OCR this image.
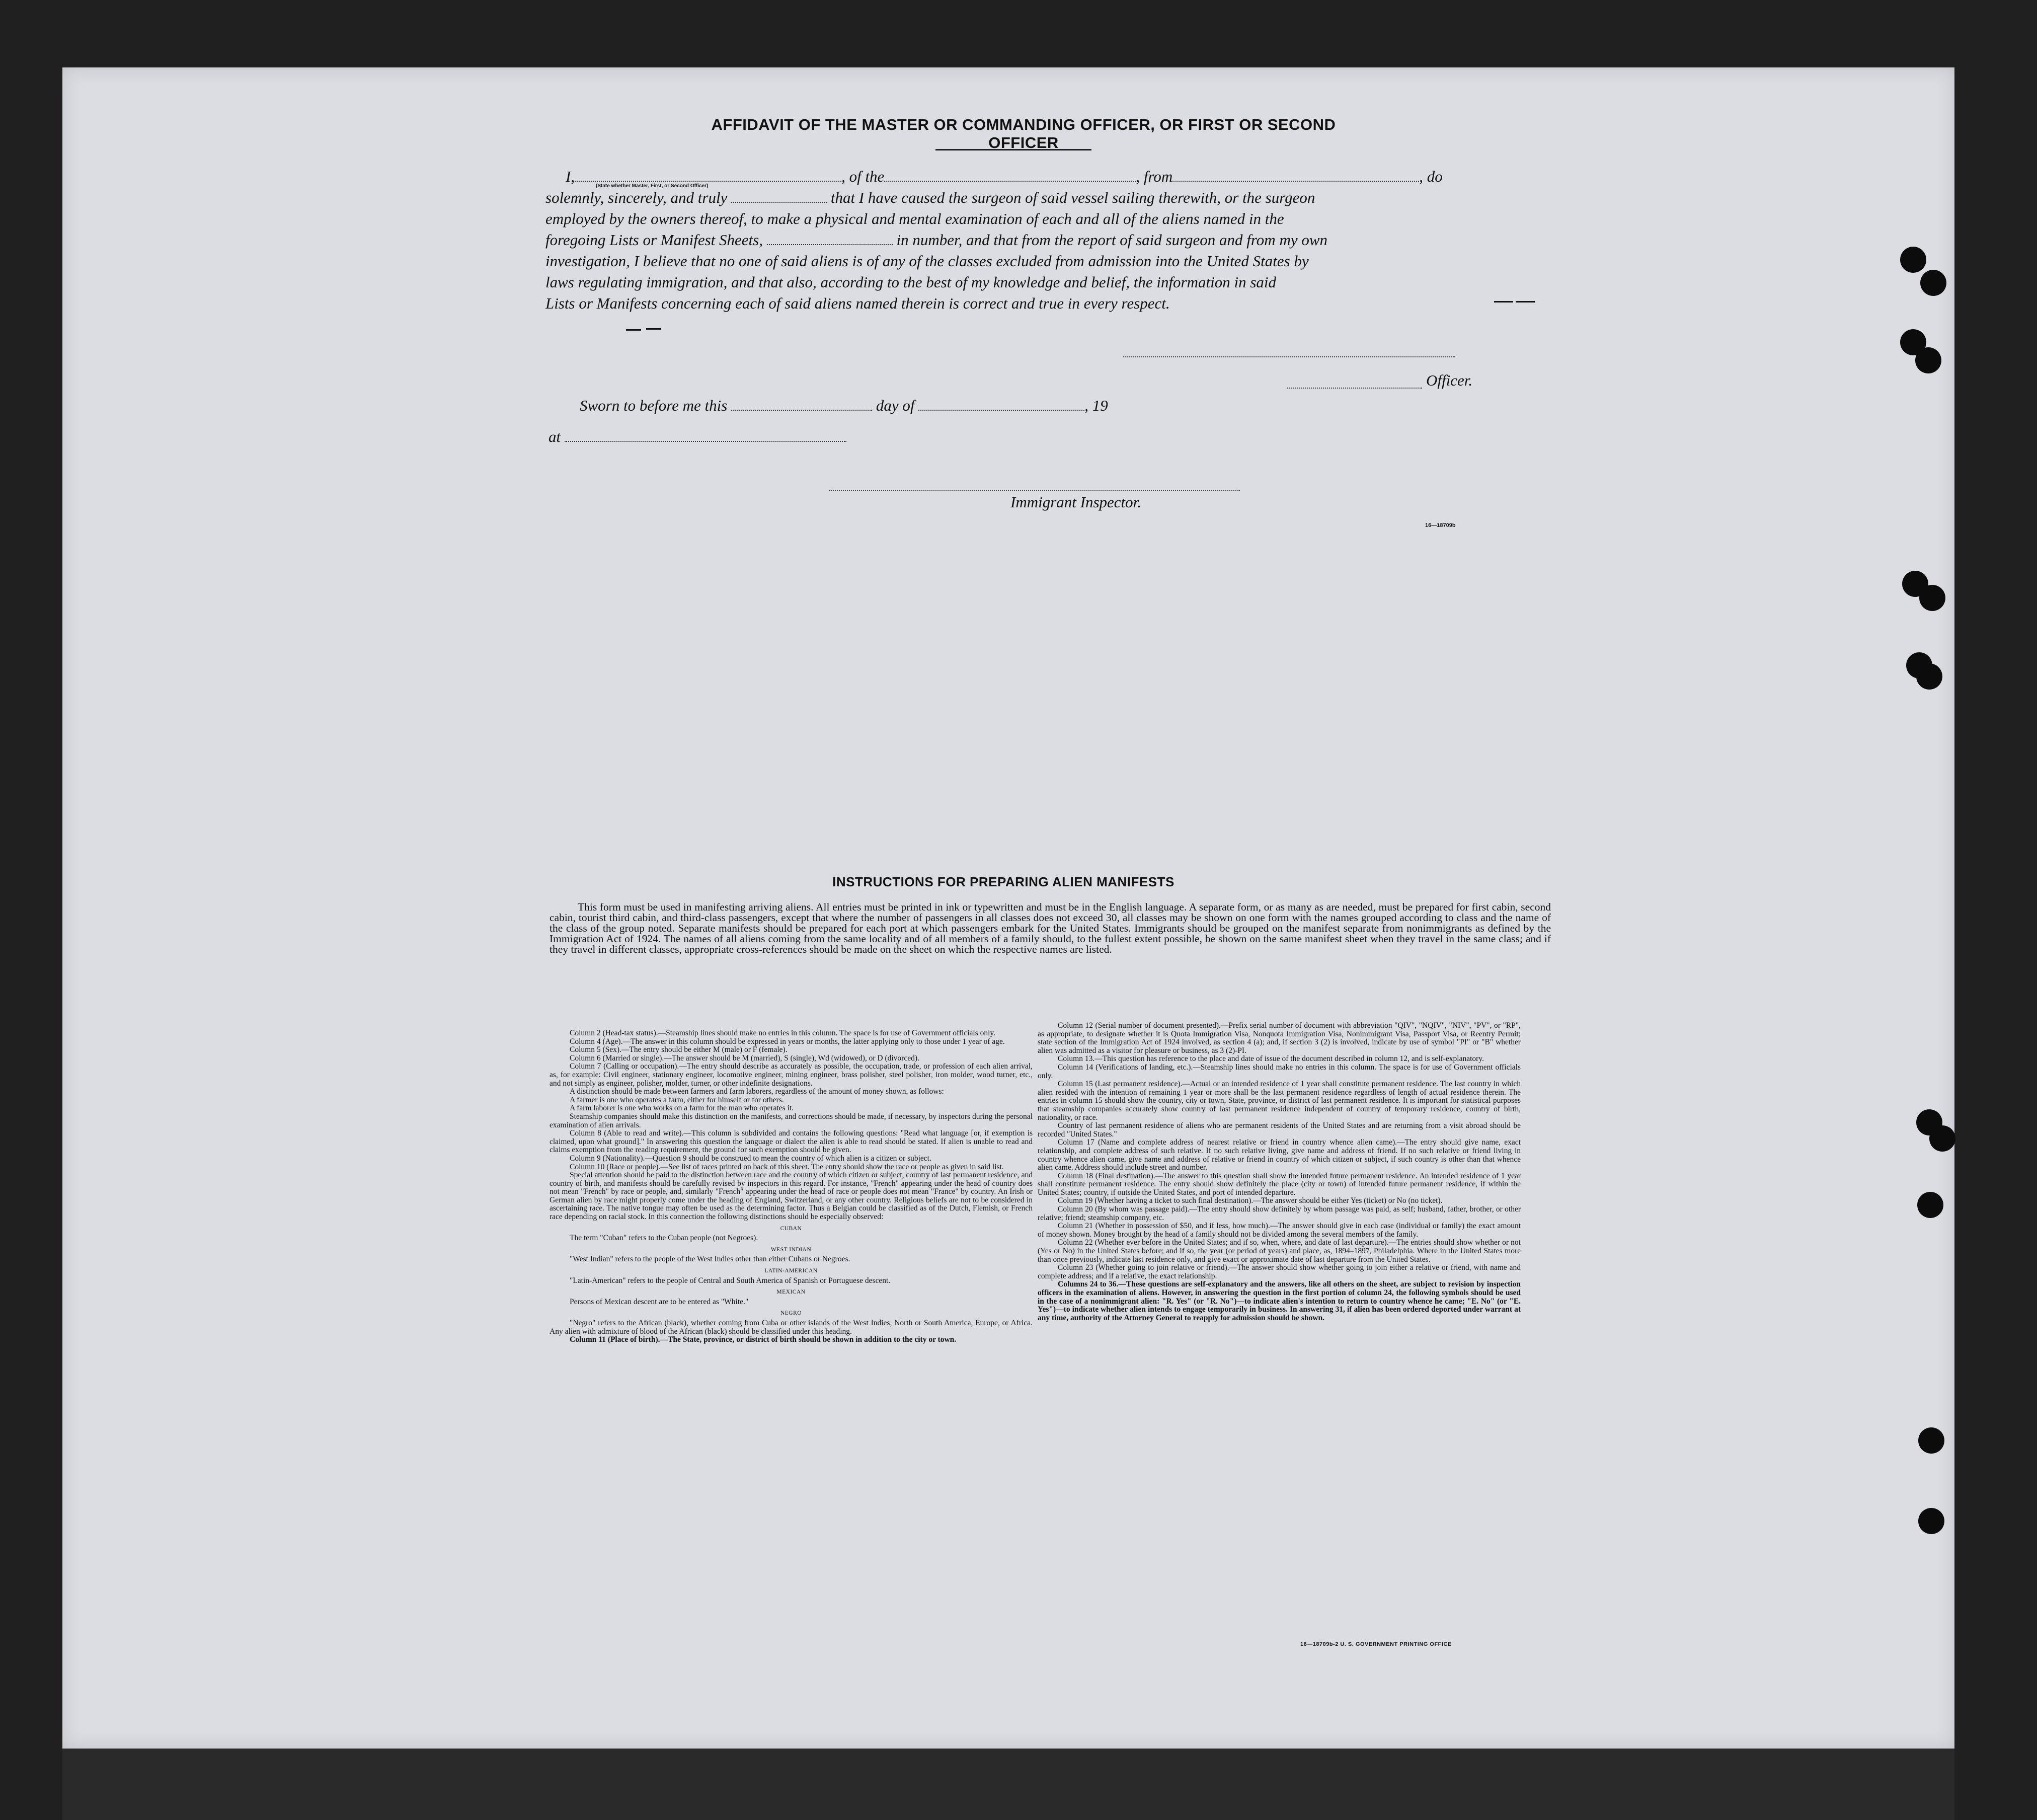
AFFIDAVIT OF THE MASTER OR COMMANDING OFFICER, OR FIRST OR SECOND OFFICER

I,	, of the	, from	, do

solemnly, sincerely, and truly	that I have caused the surgeon of said vessel sailing therewith, or the surgeon

employed by the owners thereof, to make a physical and mental examination of each and all of the aliens named in the

foregoing Lists or Manifest Sheets,	in number, and that from the report of said surgeon and from my own

investigation, I believe that no one of said aliens is of any of the classes excluded from admission into the United States by

laws regulating immigration, and that also, according to the best of my knowledge and belief, the information in said

Lists or Manifests concerning each of said aliens named therein is correct and true in every respect.

(State whether Master, First, or Second Officer)
Officer.
Sworn to before me this	day of	, 19
at
Immigrant Inspector.
16—18709b
INSTRUCTIONS FOR PREPARING ALIEN MANIFESTS
This form must be used in manifesting arriving aliens. All entries must be printed in ink or typewritten and must be in the English language. A separate form, or as many as are needed, must be prepared for first cabin, second cabin, tourist third cabin, and third-class passengers, except that where the number of passengers in all classes does not exceed 30, all classes may be shown on one form with the names grouped according to class and the name of the class of the group noted. Separate manifests should be prepared for each port at which passengers embark for the United States. Immigrants should be grouped on the manifest separate from nonimmigrants as defined by the Immigration Act of 1924. The names of all aliens coming from the same locality and of all members of a family should, to the fullest extent possible, be shown on the same manifest sheet when they travel in the same class; and if they travel in different classes, appropriate cross-references should be made on the sheet on which the respective names are listed.

Column 2 (Head-tax status).—Steamship lines should make no entries in this column. The space is for use of Government officials only.

Column 4 (Age).—The answer in this column should be expressed in years or months, the latter applying only to those under 1 year of age.

Column 5 (Sex).—The entry should be either M (male) or F (female).

Column 6 (Married or single).—The answer should be M (married), S (single), Wd (widowed), or D (divorced).

Column 7 (Calling or occupation).—The entry should describe as accurately as possible, the occupation, trade, or profession of each alien arrival, as, for example: Civil engineer, stationary engineer, locomotive engineer, mining engineer, brass polisher, steel polisher, iron molder, wood turner, etc., and not simply as engineer, polisher, molder, turner, or other indefinite designations.

A distinction should be made between farmers and farm laborers, regardless of the amount of money shown, as follows:

A farmer is one who operates a farm, either for himself or for others.

A farm laborer is one who works on a farm for the man who operates it.

Steamship companies should make this distinction on the manifests, and corrections should be made, if necessary, by inspectors during the personal examination of alien arrivals.

Column 8 (Able to read and write).—This column is subdivided and contains the following questions: "Read what language [or, if exemption is claimed, upon what ground]." In answering this question the language or dialect the alien is able to read should be stated. If alien is unable to read and claims exemption from the reading requirement, the ground for such exemption should be given.

Column 9 (Nationality).—Question 9 should be construed to mean the country of which alien is a citizen or subject.

Column 10 (Race or people).—See list of races printed on back of this sheet. The entry should show the race or people as given in said list.

Special attention should be paid to the distinction between race and the country of which citizen or subject, country of last permanent residence, and country of birth, and manifests should be carefully revised by inspectors in this regard. For instance, "French" appearing under the head of country does not mean "French" by race or people, and, similarly "French" appearing under the head of race or people does not mean "France" by country. An Irish or German alien by race might properly come under the heading of England, Switzerland, or any other country. Religious beliefs are not to be considered in ascertaining race. The native tongue may often be used as the determining factor. Thus a Belgian could be classified as of the Dutch, Flemish, or French race depending on racial stock. In this connection the following distinctions should be especially observed:

CUBAN

The term "Cuban" refers to the Cuban people (not Negroes).

WEST INDIAN

"West Indian" refers to the people of the West Indies other than either Cubans or Negroes.

LATIN-AMERICAN

"Latin-American" refers to the people of Central and South America of Spanish or Portuguese descent.

MEXICAN

Persons of Mexican descent are to be entered as "White."

NEGRO

"Negro" refers to the African (black), whether coming from Cuba or other islands of the West Indies, North or South America, Europe, or Africa. Any alien with admixture of blood of the African (black) should be classified under this heading.

Column 11 (Place of birth).—The State, province, or district of birth should be shown in addition to the city or town.

Column 12 (Serial number of document presented).—Prefix serial number of document with abbreviation "QIV", "NQIV", "NIV", "PV", or "RP", as appropriate, to designate whether it is Quota Immigration Visa, Nonquota Immigration Visa, Nonimmigrant Visa, Passport Visa, or Reentry Permit; state section of the Immigration Act of 1924 involved, as section 4 (a); and, if section 3 (2) is involved, indicate by use of symbol "PI" or "B" whether alien was admitted as a visitor for pleasure or business, as 3 (2)-PI.

Column 13.—This question has reference to the place and date of issue of the document described in column 12, and is self-explanatory.

Column 14 (Verifications of landing, etc.).—Steamship lines should make no entries in this column. The space is for use of Government officials only.

Column 15 (Last permanent residence).—Actual or an intended residence of 1 year shall constitute permanent residence. The last country in which alien resided with the intention of remaining 1 year or more shall be the last permanent residence regardless of length of actual residence therein. The entries in column 15 should show the country, city or town, State, province, or district of last permanent residence. It is important for statistical purposes that steamship companies accurately show country of last permanent residence independent of country of temporary residence, country of birth, nationality, or race.

Country of last permanent residence of aliens who are permanent residents of the United States and are returning from a visit abroad should be recorded "United States."

Column 17 (Name and complete address of nearest relative or friend in country whence alien came).—The entry should give name, exact relationship, and complete address of such relative. If no such relative living, give name and address of friend. If no such relative or friend living in country whence alien came, give name and address of relative or friend in country of which citizen or subject, if such country is other than that whence alien came. Address should include street and number.

Column 18 (Final destination).—The answer to this question shall show the intended future permanent residence. An intended residence of 1 year shall constitute permanent residence. The entry should show definitely the place (city or town) of intended future permanent residence, if within the United States; country, if outside the United States, and port of intended departure.

Column 19 (Whether having a ticket to such final destination).—The answer should be either Yes (ticket) or No (no ticket).

Column 20 (By whom was passage paid).—The entry should show definitely by whom passage was paid, as self; husband, father, brother, or other relative; friend; steamship company, etc.

Column 21 (Whether in possession of $50, and if less, how much).—The answer should give in each case (individual or family) the exact amount of money shown. Money brought by the head of a family should not be divided among the several members of the family.

Column 22 (Whether ever before in the United States; and if so, when, where, and date of last departure).—The entries should show whether or not (Yes or No) in the United States before; and if so, the year (or period of years) and place, as, 1894–1897, Philadelphia. Where in the United States more than once previously, indicate last residence only, and give exact or approximate date of last departure from the United States.

Column 23 (Whether going to join relative or friend).—The answer should show whether going to join either a relative or friend, with name and complete address; and if a relative, the exact relationship.

Columns 24 to 36.—These questions are self-explanatory and the answers, like all others on the sheet, are subject to revision by inspection officers in the examination of aliens. However, in answering the question in the first portion of column 24, the following symbols should be used in the case of a nonimmigrant alien: "R. Yes" (or "R. No")—to indicate alien's intention to return to country whence he came; "E. No" (or "E. Yes")—to indicate whether alien intends to engage temporarily in business. In answering 31, if alien has been ordered deported under warrant at any time, authority of the Attorney General to reapply for admission should be shown.

16—18709b-2 U. S. GOVERNMENT PRINTING OFFICE
